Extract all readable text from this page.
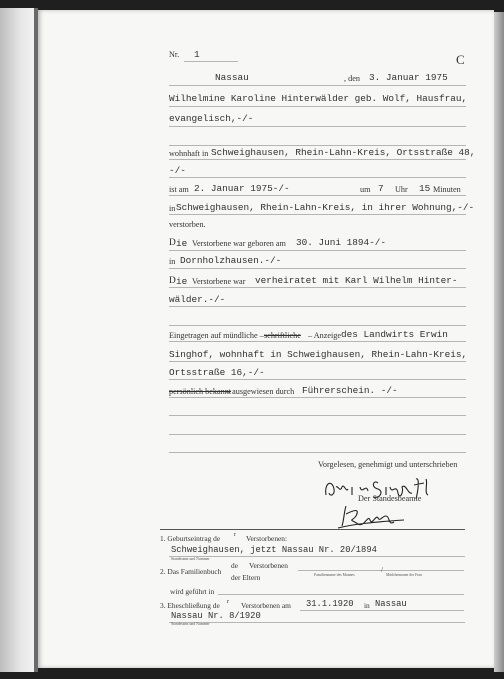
Nr. 1	C
Nassau	, den 3. Januar 1975
Wilhelmine Karoline Hinterwälder geb. Wolf, Hausfrau,
evangelisch,-/-
wohnhaft in Schweighausen, Rhein-Lahn-Kreis, Ortsstraße 48,
-/-
ist am 2. Januar 1975-/-	um 7 Uhr 15 Minuten
in Schweighausen, Rhein-Lahn-Kreis, in ihrer Wohnung,-/-
verstorben.
D ie Verstorbene war geboren am 30. Juni 1894-/-
in Dornholzhausen.-/-
D ie Verstorbene war verheiratet mit Karl Wilhelm Hinter-
wälder.-/-
Eingetragen auf mündliche – schriftliche – Anzeige des Landwirts Erwin
Singhof, wohnhaft in Schweighausen, Rhein-Lahn-Kreis,
Ortsstraße 16,-/-
persönlich bekannt
– ausgewiesen durch Führerschein. -/-
Vorgelesen, genehmigt und unterschrieben
Der Standesbeamte
1. Geburtseintrag de r Verstorbenen:
Schweighausen, jetzt Nassau Nr. 20/1894
Standesamt und Nummer
2. Das Familienbuch
de Verstorbenen
der Eltern	Familienname des Mannes
/
Mädchenname der Frau
wird geführt in
3. Eheschließung de r Verstorbenen am 31.1.1920 in Nassau
Nassau Nr. 8/1920
Standesamt und Nummer
